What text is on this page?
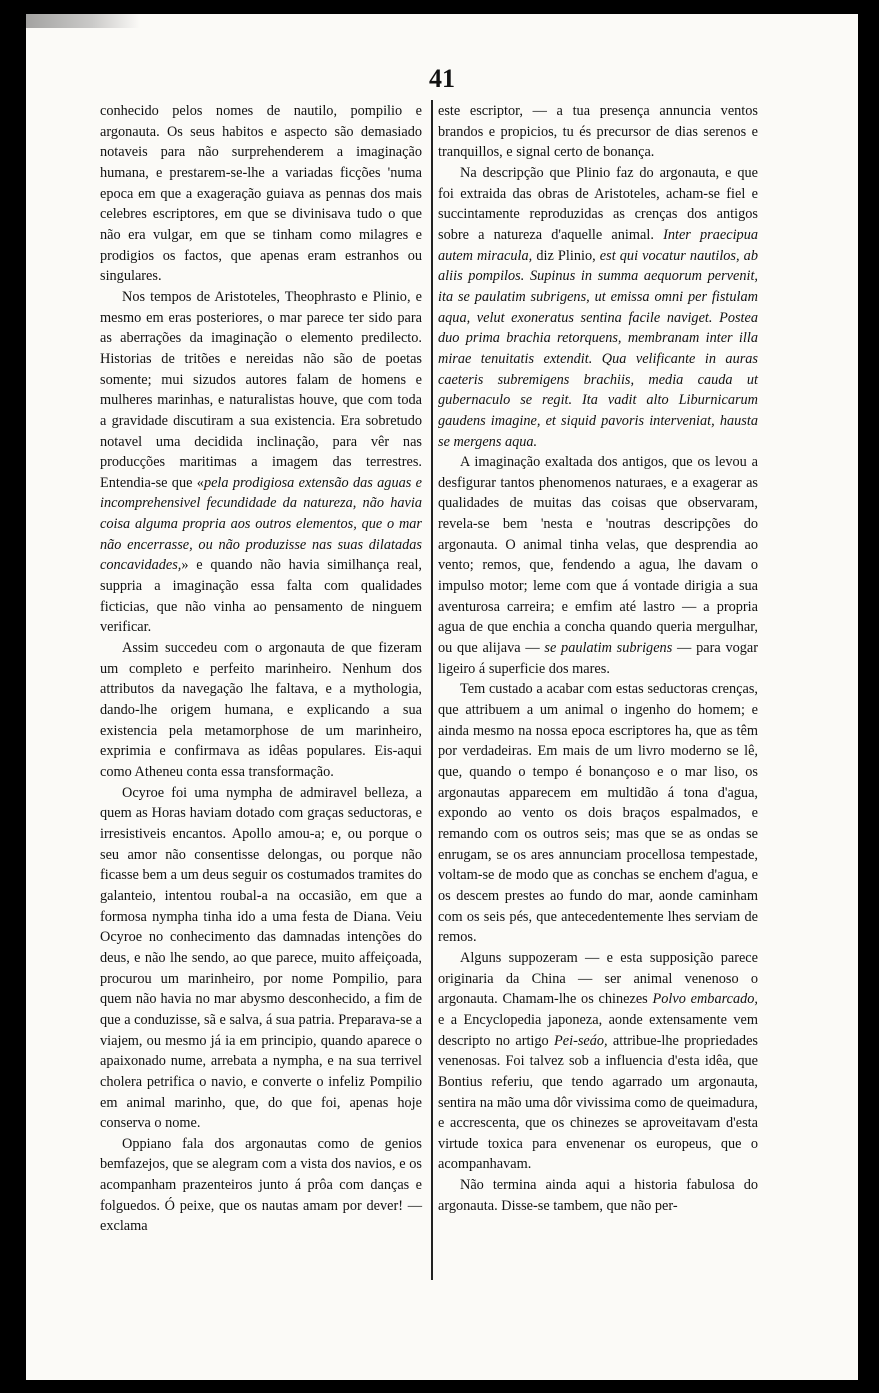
41

conhecido pelos nomes de nautilo, pompilio e argonauta. Os seus habitos e aspecto são demasiado notaveis para não surprehenderem a imaginação humana, e prestarem-se-lhe a variadas ficções 'numa epoca em que a exageração guiava as pennas dos mais celebres escriptores, em que se divinisava tudo o que não era vulgar, em que se tinham como milagres e prodigios os factos, que apenas eram estranhos ou singulares.

Nos tempos de Aristoteles, Theophrasto e Plinio, e mesmo em eras posteriores, o mar parece ter sido para as aberrações da imaginação o elemento predilecto. Historias de tritões e nereidas não são de poetas somente; mui sizudos autores falam de homens e mulheres marinhas, e naturalistas houve, que com toda a gravidade discutiram a sua existencia. Era sobretudo notavel uma decidida inclinação, para vêr nas producções maritimas a imagem das terrestres. Entendia-se que «pela prodigiosa extensão das aguas e incomprehensivel fecundidade da natureza, não havia coisa alguma propria aos outros elementos, que o mar não encerrasse, ou não produzisse nas suas dilatadas concavidades,» e quando não havia similhança real, suppria a imaginação essa falta com qualidades ficticias, que não vinha ao pensamento de ninguem verificar.

Assim succedeu com o argonauta de que fizeram um completo e perfeito marinheiro. Nenhum dos attributos da navegação lhe faltava, e a mythologia, dando-lhe origem humana, e explicando a sua existencia pela metamorphose de um marinheiro, exprimia e confirmava as idêas populares. Eis-aqui como Atheneu conta essa transformação.

Ocyroe foi uma nympha de admiravel belleza, a quem as Horas haviam dotado com graças seductoras, e irresistiveis encantos. Apollo amou-a; e, ou porque o seu amor não consentisse delongas, ou porque não ficasse bem a um deus seguir os costumados tramites do galanteio, intentou roubal-a na occasião, em que a formosa nympha tinha ido a uma festa de Diana. Veiu Ocyroe no conhecimento das damnadas intenções do deus, e não lhe sendo, ao que parece, muito affeiçoada, procurou um marinheiro, por nome Pompilio, para quem não havia no mar abysmo desconhecido, a fim de que a conduzisse, sã e salva, á sua patria. Preparava-se a viajem, ou mesmo já ia em principio, quando aparece o apaixonado nume, arrebata a nympha, e na sua terrivel cholera petrifica o navio, e converte o infeliz Pompilio em animal marinho, que, do que foi, apenas hoje conserva o nome.

Oppiano fala dos argonautas como de genios bemfazejos, que se alegram com a vista dos navios, e os acompanham prazenteiros junto á prôa com danças e folguedos. Ó peixe, que os nautas amam por dever! — exclama

este escriptor, — a tua presença annuncia ventos brandos e propicios, tu és precursor de dias serenos e tranquillos, e signal certo de bonança.

Na descripção que Plinio faz do argonauta, e que foi extraida das obras de Aristoteles, acham-se fiel e succintamente reproduzidas as crenças dos antigos sobre a natureza d'aquelle animal. Inter praecipua autem miracula, diz Plinio, est qui vocatur nautilos, ab aliis pompilos. Supinus in summa aequorum pervenit, ita se paulatim subrigens, ut emissa omni per fistulam aqua, velut exoneratus sentina facile naviget. Postea duo prima brachia retorquens, membranam inter illa mirae tenuitatis extendit. Qua velificante in auras caeteris subremigens brachiis, media cauda ut gubernaculo se regit. Ita vadit alto Liburnicarum gaudens imagine, et siquid pavoris interveniat, hausta se mergens aqua.

A imaginação exaltada dos antigos, que os levou a desfigurar tantos phenomenos naturaes, e a exagerar as qualidades de muitas das coisas que observaram, revela-se bem 'nesta e 'noutras descripções do argonauta. O animal tinha velas, que desprendia ao vento; remos, que, fendendo a agua, lhe davam o impulso motor; leme com que á vontade dirigia a sua aventurosa carreira; e emfim até lastro — a propria agua de que enchia a concha quando queria mergulhar, ou que alijava — se paulatim subrigens — para vogar ligeiro á superficie dos mares.

Tem custado a acabar com estas seductoras crenças, que attribuem a um animal o ingenho do homem; e ainda mesmo na nossa epoca escriptores ha, que as têm por verdadeiras. Em mais de um livro moderno se lê, que, quando o tempo é bonançoso e o mar liso, os argonautas apparecem em multidão á tona d'agua, expondo ao vento os dois braços espalmados, e remando com os outros seis; mas que se as ondas se enrugam, se os ares annunciam procellosa tempestade, voltam-se de modo que as conchas se enchem d'agua, e os descem prestes ao fundo do mar, aonde caminham com os seis pés, que antecedentemente lhes serviam de remos.

Alguns suppozeram — e esta supposição parece originaria da China — ser animal venenoso o argonauta. Chamam-lhe os chinezes Polvo embarcado, e a Encyclopedia japoneza, aonde extensamente vem descripto no artigo Pei-seáo, attribue-lhe propriedades venenosas. Foi talvez sob a influencia d'esta idêa, que Bontius referiu, que tendo agarrado um argonauta, sentira na mão uma dôr vivissima como de queimadura, e accrescenta, que os chinezes se aproveitavam d'esta virtude toxica para envenenar os europeus, que o acompanhavam.

Não termina ainda aqui a historia fabulosa do argonauta. Disse-se tambem, que não per-
